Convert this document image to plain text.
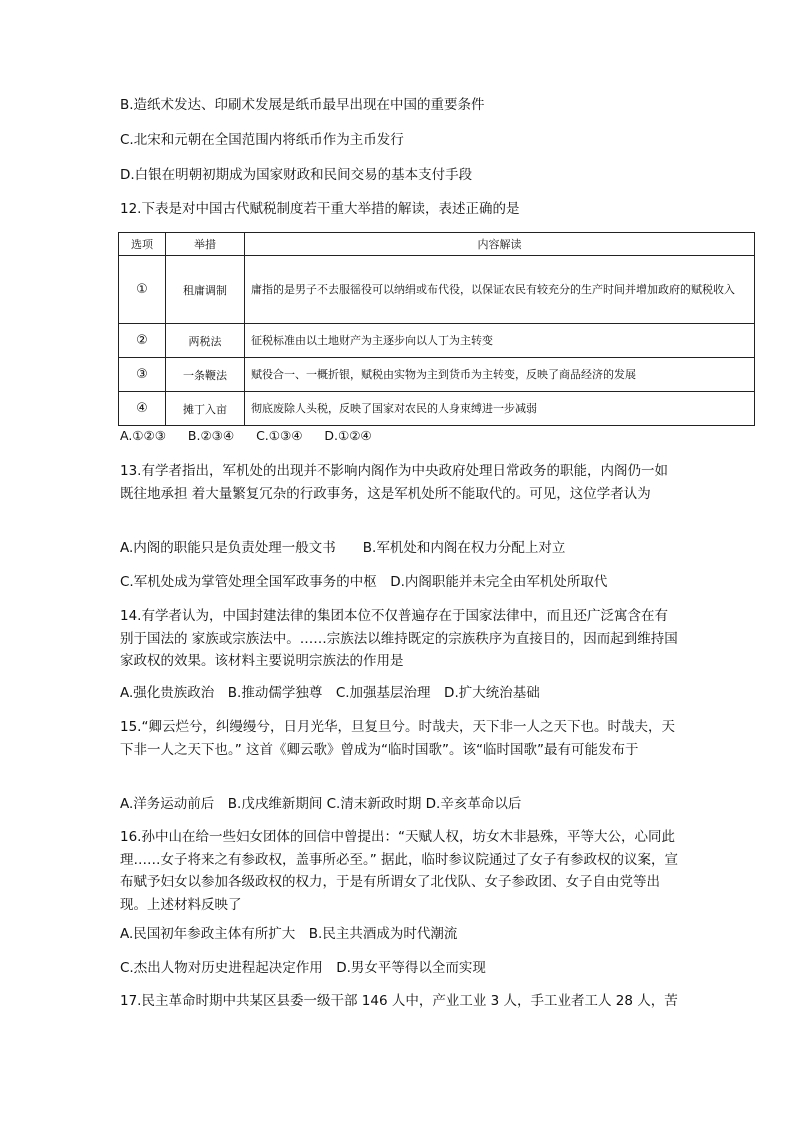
B.造纸术发达、印刷术发展是纸币最早出现在中国的重要条件
C.北宋和元朝在全国范围内将纸币作为主币发行
D.白银在明朝初期成为国家财政和民间交易的基本支付手段
12.下表是对中国古代赋税制度若干重大举措的解读，表述正确的是
选项	举措	内容解读
①	租庸调制	庸指的是男子不去服徭役可以纳绢或布代役，以保证农民有较充分的生产时间并增加政府的赋税收入
②	两税法	征税标准由以土地财产为主逐步向以人丁为主转变
③	一条鞭法	赋役合一、一概折银，赋税由实物为主到货币为主转变，反映了商品经济的发展
④	摊丁入亩	彻底废除人头税，反映了国家对农民的人身束缚进一步减弱
A.①②③ B.②③④ C.①③④ D.①②④
13.有学者指出，军机处的出现并不影响内阁作为中央政府处理日常政务的职能，内阁仍一如既往地承担 着大量繁复冗杂的行政事务，这是军机处所不能取代的。可见，这位学者认为
A.内阁的职能只是负责处理一般文书　　B.军机处和内阁在权力分配上对立
C.军机处成为掌管处理全国军政事务的中枢　D.内阁职能并未完全由军机处所取代
14.有学者认为，中国封建法律的集团本位不仅普遍存在于国家法律中，而且还广泛寓含在有别于国法的 家族或宗族法中。……宗族法以维持既定的宗族秩序为直接目的，因而起到维持国家政权的效果。该材料主要说明宗族法的作用是
A.强化贵族政治　B.推动儒学独尊　C.加强基层治理　D.扩大统治基础
15.“卿云烂兮，纠缦缦兮，日月光华，旦复旦兮。时哉夫，天下非一人之天下也。时哉夫，天下非一人之天下也。” 这首《卿云歌》曾成为“临时国歌”。该“临时国歌”最有可能发布于
A.洋务运动前后　B.戊戌维新期间 C.清末新政时期 D.辛亥革命以后
16.孙中山在给一些妇女团体的回信中曾提出：“天赋人权，坊女木非悬殊，平等大公，心同此理……女子将来之有参政权，盖事所必至。” 据此，临时参议院通过了女子有参政权的议案，宣布赋予妇女以参加各级政权的权力，于是有所谓女了北伐队、女子参政团、女子自由党等出现。上述材料反映了
A.民国初年参政主体有所扩大　B.民主共酒成为时代潮流
C.杰出人物对历史进程起决定作用　D.男女平等得以全而实现
17.民主革命时期中共某区县委一级干部 146 人中，产业工业 3 人，手工业者工人 28 人，苦
